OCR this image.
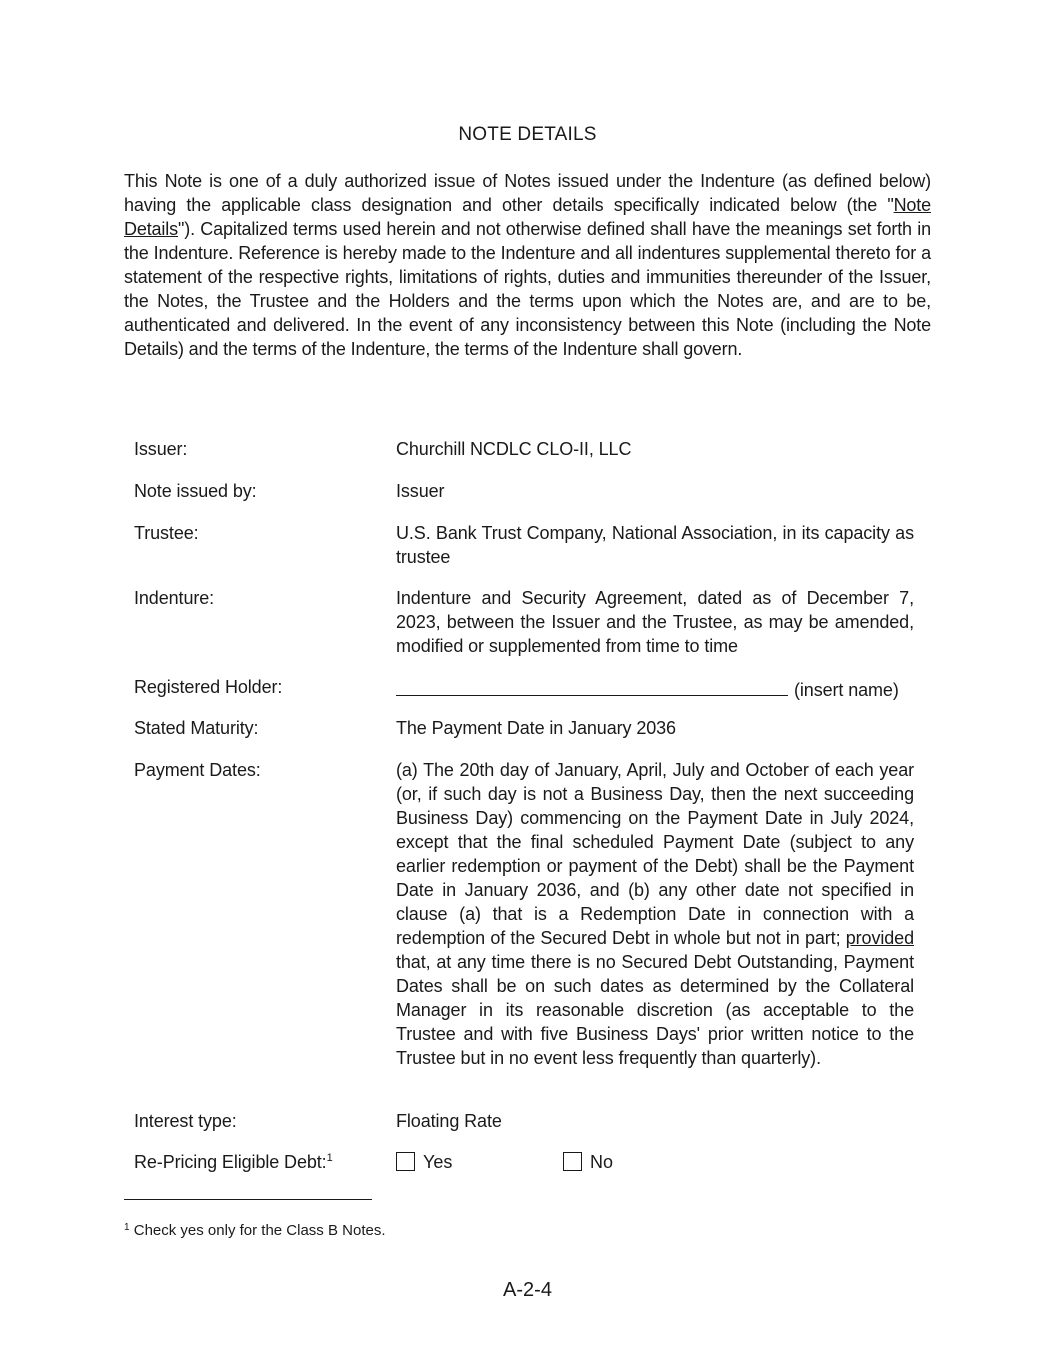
NOTE DETAILS

This Note is one of a duly authorized issue of Notes issued under the Indenture (as defined below) having the applicable class designation and other details specifically indicated below (the "Note Details"). Capitalized terms used herein and not otherwise defined shall have the meanings set forth in the Indenture. Reference is hereby made to the Indenture and all indentures supplemental thereto for a statement of the respective rights, limitations of rights, duties and immunities thereunder of the Issuer, the Notes, the Trustee and the Holders and the terms upon which the Notes are, and are to be, authenticated and delivered. In the event of any inconsistency between this Note (including the Note Details) and the terms of the Indenture, the terms of the Indenture shall govern.

Issuer:	Churchill NCDLC CLO-II, LLC
Note issued by:	Issuer
Trustee:	U.S. Bank Trust Company, National Association, in its capacity as trustee
Indenture:	Indenture and Security Agreement, dated as of December 7, 2023, between the Issuer and the Trustee, as may be amended, modified or supplemented from time to time
Registered Holder:	(insert name)
Stated Maturity:	The Payment Date in January 2036
Payment Dates:	(a) The 20th day of January, April, July and October of each year (or, if such day is not a Business Day, then the next succeeding Business Day) commencing on the Payment Date in July 2024, except that the final scheduled Payment Date (subject to any earlier redemption or payment of the Debt) shall be the Payment Date in January 2036, and (b) any other date not specified in clause (a) that is a Redemption Date in connection with a redemption of the Secured Debt in whole but not in part; provided that, at any time there is no Secured Debt Outstanding, Payment Dates shall be on such dates as determined by the Collateral Manager in its reasonable discretion (as acceptable to the Trustee and with five Business Days' prior written notice to the Trustee but in no event less frequently than quarterly).
Interest type:	Floating Rate
Re-Pricing Eligible Debt:$^1$	Yes	No
$^1$ Check yes only for the Class B Notes.
A-2-4
